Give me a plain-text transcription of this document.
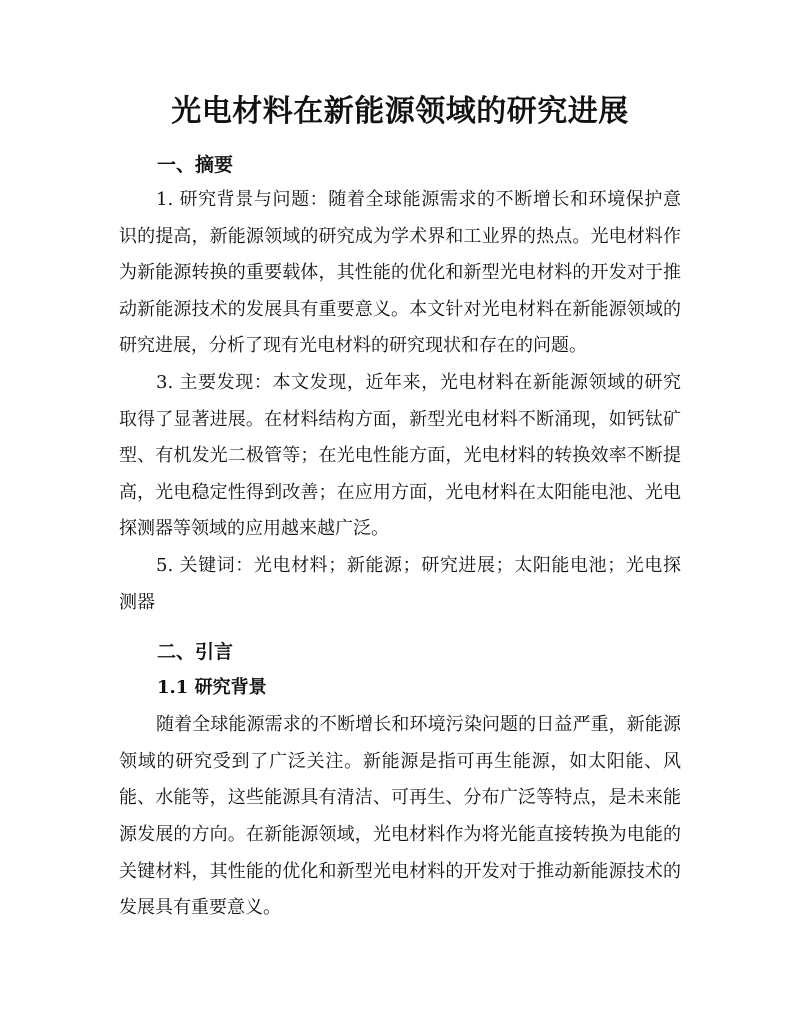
光电材料在新能源领域的研究进展
一、摘要

1. 研究背景与问题：随着全球能源需求的不断增长和环境保护意识的提高，新能源领域的研究成为学术界和工业界的热点。光电材料作为新能源转换的重要载体，其性能的优化和新型光电材料的开发对于推动新能源技术的发展具有重要意义。本文针对光电材料在新能源领域的研究进展，分析了现有光电材料的研究现状和存在的问题。

3. 主要发现：本文发现，近年来，光电材料在新能源领域的研究取得了显著进展。在材料结构方面，新型光电材料不断涌现，如钙钛矿型、有机发光二极管等；在光电性能方面，光电材料的转换效率不断提高，光电稳定性得到改善；在应用方面，光电材料在太阳能电池、光电探测器等领域的应用越来越广泛。

5. 关键词：光电材料；新能源；研究进展；太阳能电池；光电探测器

二、引言
1.1 研究背景

随着全球能源需求的不断增长和环境污染问题的日益严重，新能源领域的研究受到了广泛关注。新能源是指可再生能源，如太阳能、风能、水能等，这些能源具有清洁、可再生、分布广泛等特点，是未来能源发展的方向。在新能源领域，光电材料作为将光能直接转换为电能的关键材料，其性能的优化和新型光电材料的开发对于推动新能源技术的发展具有重要意义。
